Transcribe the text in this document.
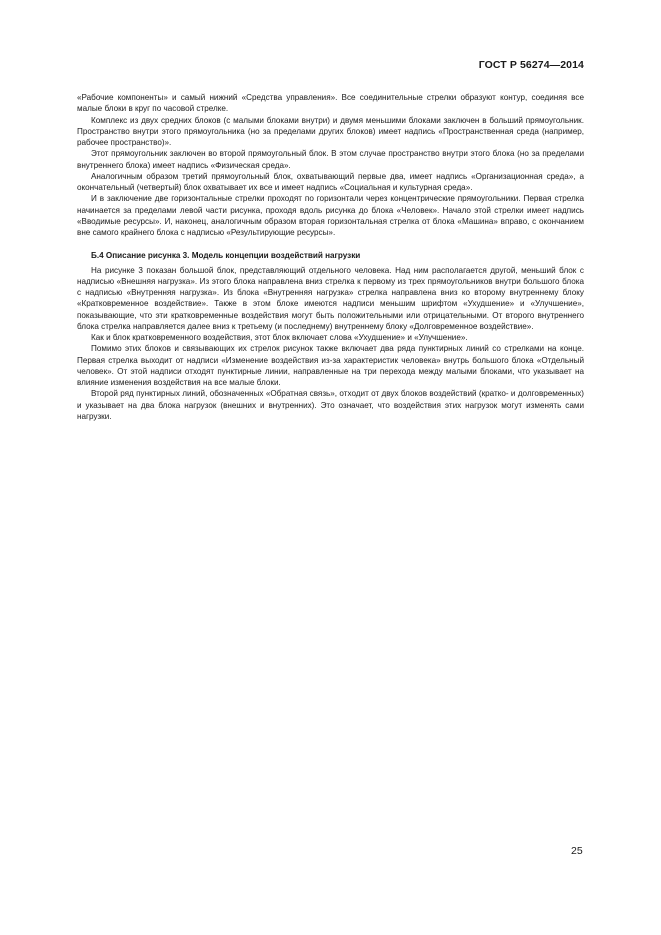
ГОСТ Р 56274—2014

«Рабочие компоненты» и самый нижний «Средства управления». Все соединительные стрелки образуют контур, соединяя все малые блоки в круг по часовой стрелке.

Комплекс из двух средних блоков (с малыми блоками внутри) и двумя меньшими блоками заключен в больший прямоугольник. Пространство внутри этого прямоугольника (но за пределами других блоков) имеет надпись «Пространственная среда (например, рабочее пространство)».

Этот прямоугольник заключен во второй прямоугольный блок. В этом случае пространство внутри этого блока (но за пределами внутреннего блока) имеет надпись «Физическая среда».

Аналогичным образом третий прямоугольный блок, охватывающий первые два, имеет надпись «Организационная среда», а окончательный (четвертый) блок охватывает их все и имеет надпись «Социальная и культурная среда».

И в заключение две горизонтальные стрелки проходят по горизонтали через концентрические прямоугольники. Первая стрелка начинается за пределами левой части рисунка, проходя вдоль рисунка до блока «Человек». Начало этой стрелки имеет надпись «Вводимые ресурсы». И, наконец, аналогичным образом вторая горизонтальная стрелка от блока «Машина» вправо, с окончанием вне самого крайнего блока с надписью «Результирующие ресурсы».

Б.4 Описание рисунка 3. Модель концепции воздействий нагрузки

На рисунке 3 показан большой блок, представляющий отдельного человека. Над ним располагается другой, меньший блок с надписью «Внешняя нагрузка». Из этого блока направлена вниз стрелка к первому из трех прямоугольников внутри большого блока с надписью «Внутренняя нагрузка». Из блока «Внутренняя нагрузка» стрелка направлена вниз ко второму внутреннему блоку «Кратковременное воздействие». Также в этом блоке имеются надписи меньшим шрифтом «Ухудшение» и «Улучшение», показывающие, что эти кратковременные воздействия могут быть положительными или отрицательными. От второго внутреннего блока стрелка направляется далее вниз к третьему (и последнему) внутреннему блоку «Долговременное воздействие».

Как и блок кратковременного воздействия, этот блок включает слова «Ухудшение» и «Улучшение».

Помимо этих блоков и связывающих их стрелок рисунок также включает два ряда пунктирных линий со стрелками на конце. Первая стрелка выходит от надписи «Изменение воздействия из-за характеристик человека» внутрь большого блока «Отдельный человек». От этой надписи отходят пунктирные линии, направленные на три перехода между малыми блоками, что указывает на влияние изменения воздействия на все малые блоки.

Второй ряд пунктирных линий, обозначенных «Обратная связь», отходит от двух блоков воздействий (кратко- и долговременных) и указывает на два блока нагрузок (внешних и внутренних). Это означает, что воздействия этих нагрузок могут изменять сами нагрузки.

25
